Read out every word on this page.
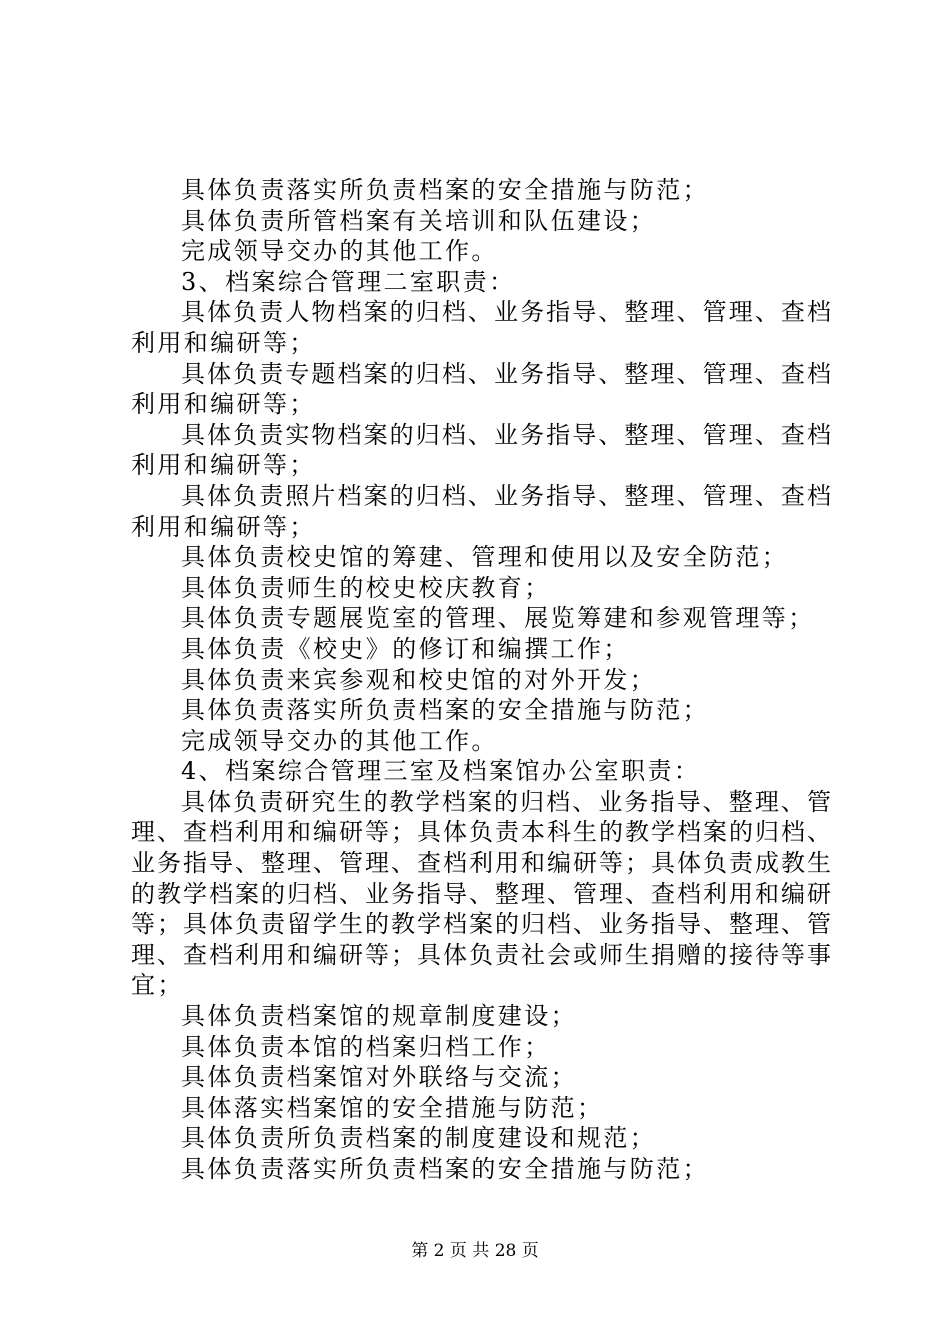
具体负责落实所负责档案的安全措施与防范；
具体负责所管档案有关培训和队伍建设；
完成领导交办的其他工作。
3、档案综合管理二室职责：
具体负责人物档案的归档、业务指导、整理、管理、查档
利用和编研等；
具体负责专题档案的归档、业务指导、整理、管理、查档
利用和编研等；
具体负责实物档案的归档、业务指导、整理、管理、查档
利用和编研等；
具体负责照片档案的归档、业务指导、整理、管理、查档
利用和编研等；
具体负责校史馆的筹建、管理和使用以及安全防范；
具体负责师生的校史校庆教育；
具体负责专题展览室的管理、展览筹建和参观管理等；
具体负责《校史》的修订和编撰工作；
具体负责来宾参观和校史馆的对外开发；
具体负责落实所负责档案的安全措施与防范；
完成领导交办的其他工作。
4、档案综合管理三室及档案馆办公室职责：
具体负责研究生的教学档案的归档、业务指导、整理、管
理、查档利用和编研等；具体负责本科生的教学档案的归档、
业务指导、整理、管理、查档利用和编研等；具体负责成教生
的教学档案的归档、业务指导、整理、管理、查档利用和编研
等；具体负责留学生的教学档案的归档、业务指导、整理、管
理、查档利用和编研等；具体负责社会或师生捐赠的接待等事
宜；
具体负责档案馆的规章制度建设；
具体负责本馆的档案归档工作；
具体负责档案馆对外联络与交流；
具体落实档案馆的安全措施与防范；
具体负责所负责档案的制度建设和规范；
具体负责落实所负责档案的安全措施与防范；
第 2 页 共 28 页
